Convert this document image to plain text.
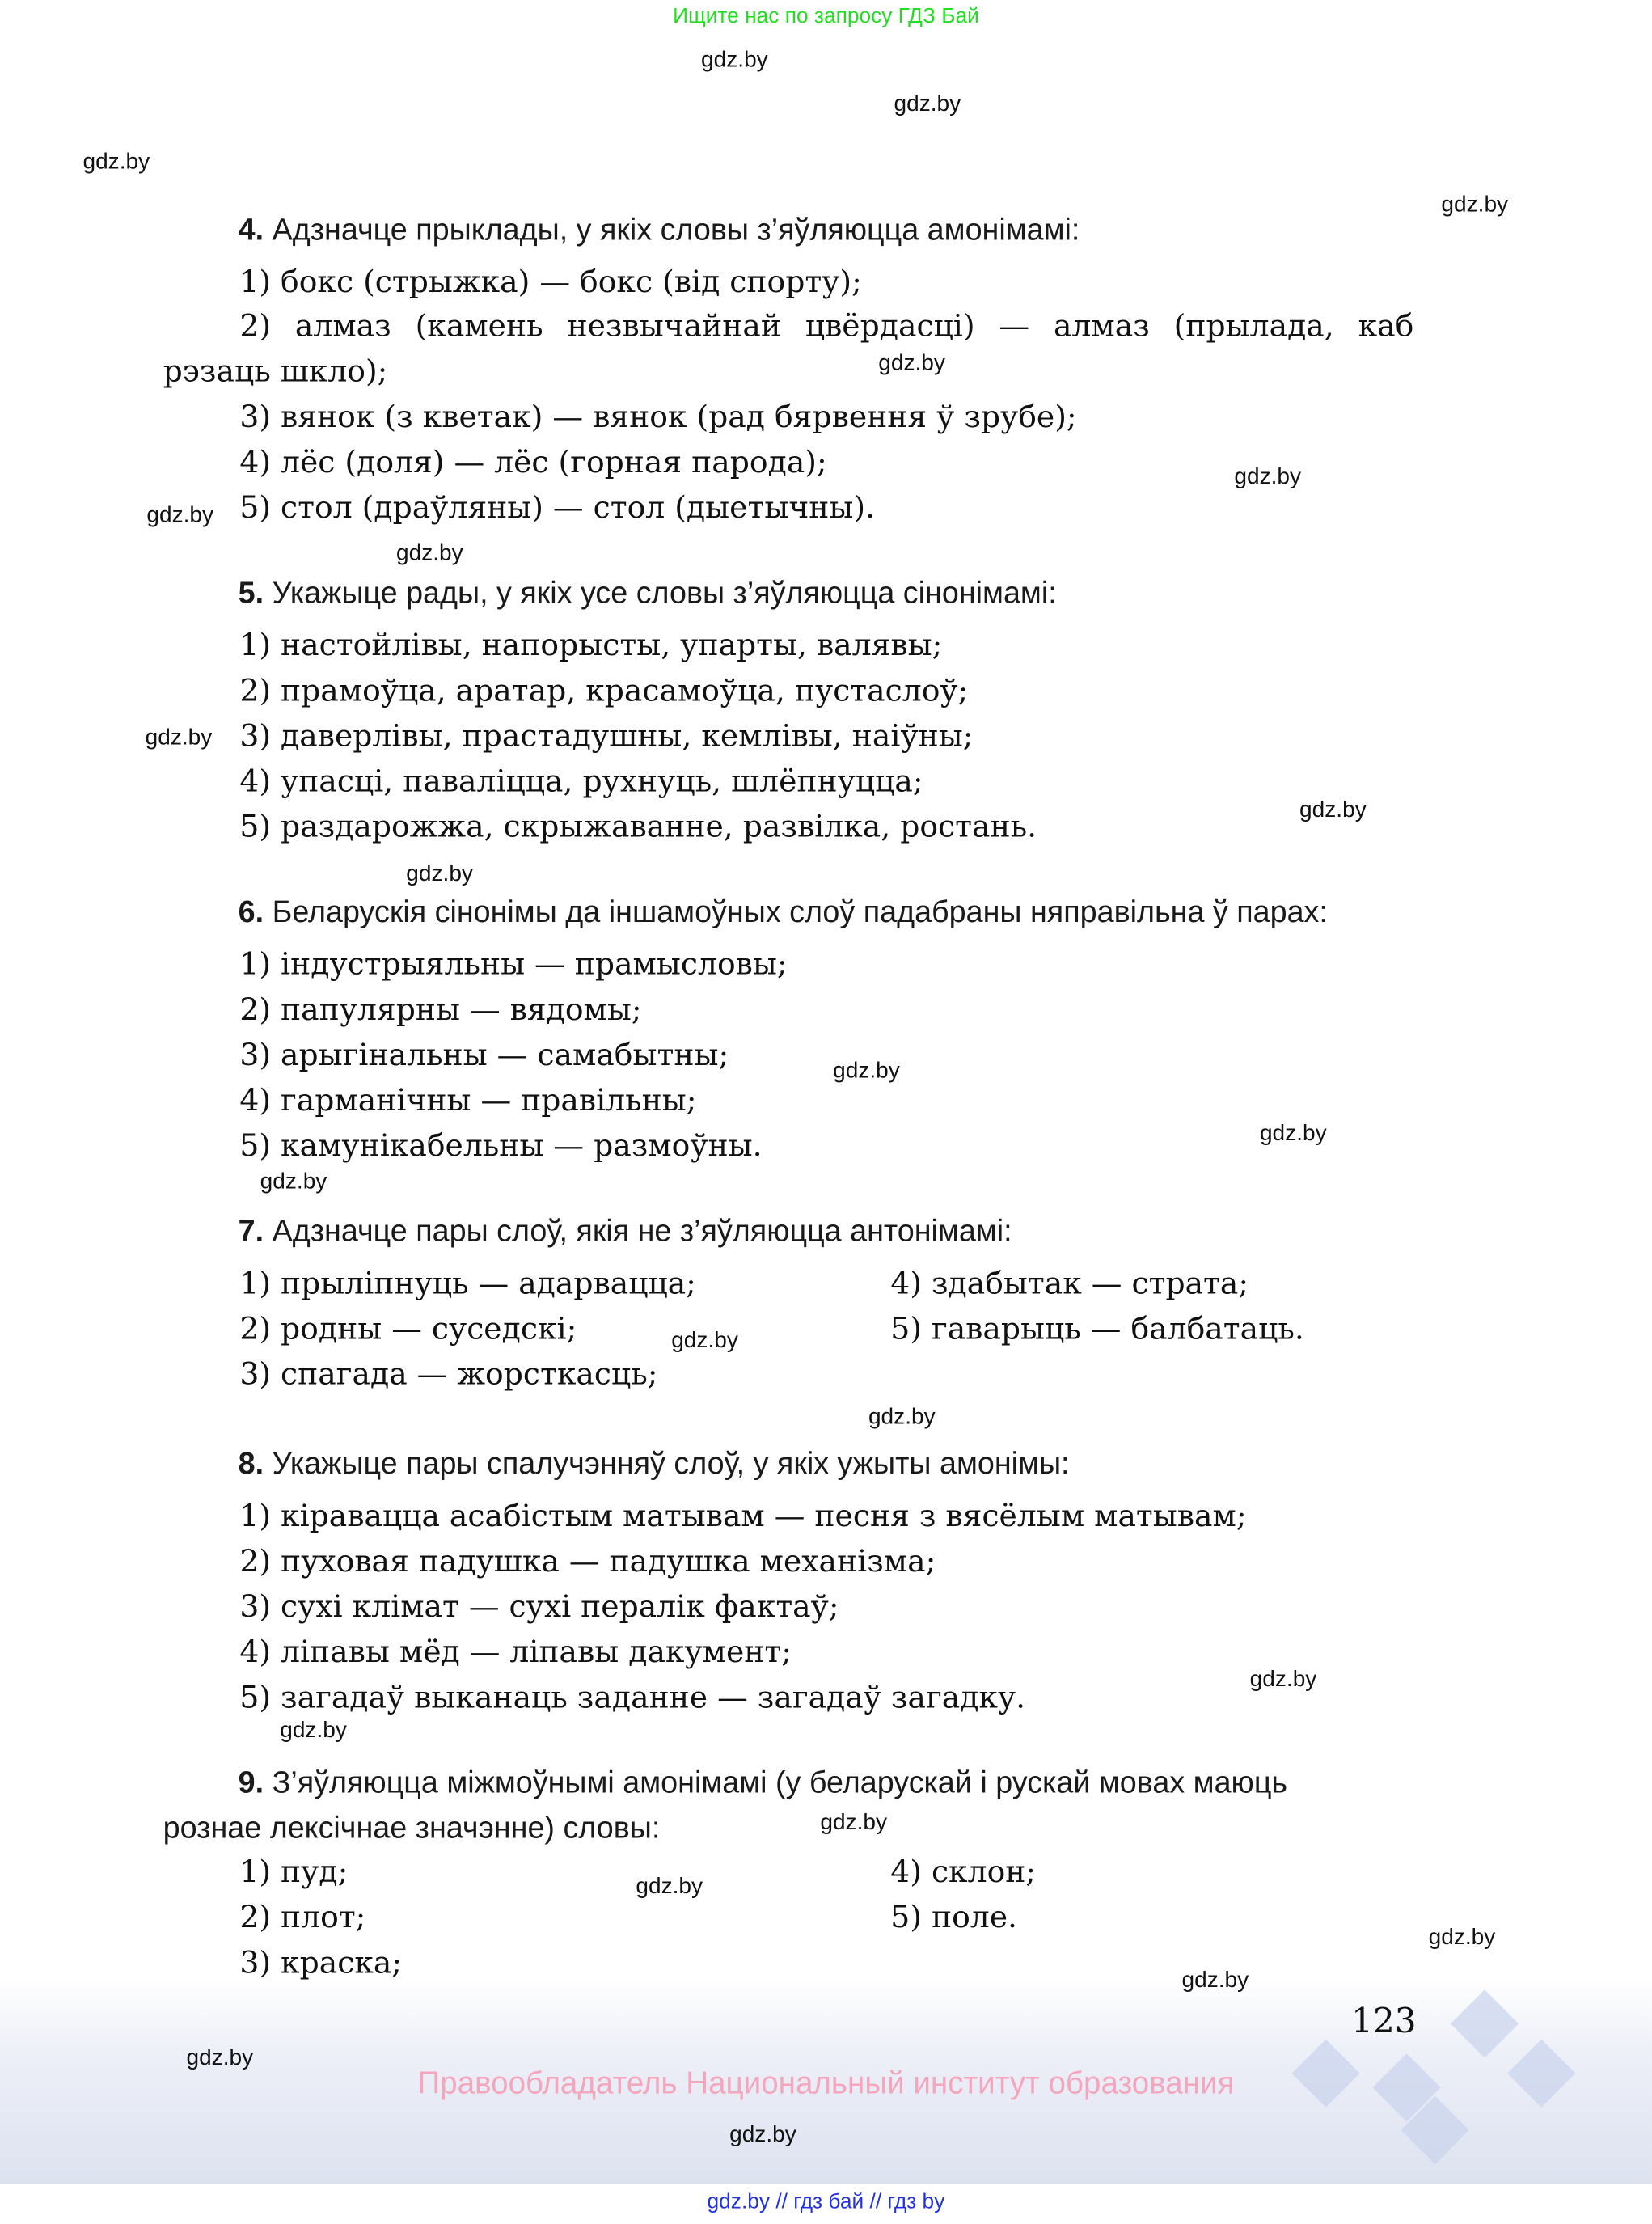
Ищите нас по запросу ГДЗ Бай
gdz.by
gdz.by
gdz.by
gdz.by
gdz.by
gdz.by
gdz.by
gdz.by
gdz.by
gdz.by
gdz.by
gdz.by
gdz.by
gdz.by
gdz.by
gdz.by
gdz.by
gdz.by
gdz.by
gdz.by
gdz.by
gdz.by
4. Адзначце прыклады, у якіх словы з’яўляюцца амонімамі:
1) бокс (стрыжка) — бокс (від спорту);
2) алмаз (камень незвычайнай цвёрдасці) — алмаз (прылада, каб
рэзаць шкло);
3) вянок (з кветак) — вянок (рад бярвення ў зрубе);
4) лёс (доля) — лёс (горная парода);
5) стол (драўляны) — стол (дыетычны).
5. Укажыце рады, у якіх усе словы з’яўляюцца сінонімамі:
1) настойлівы, напорысты, упарты, валявы;
2) прамоўца, аратар, красамоўца, пустаслоў;
3) даверлівы, прастадушны, кемлівы, наіўны;
4) упасці, паваліцца, рухнуць, шлёпнуцца;
5) раздарожжа, скрыжаванне, развілка, ростань.
6. Беларускія сінонімы да іншамоўных слоў падабраны няправільна ў парах:
1) індустрыяльны — прамысловы;
2) папулярны — вядомы;
3) арыгінальны — самабытны;
4) гарманічны — правільны;
5) камунікабельны — размоўны.
7. Адзначце пары слоў, якія не з’яўляюцца антонімамі:
1) прыліпнуць — адарвацца;
2) родны — суседскі;
3) спагада — жорсткасць;
4) здабытак — страта;
5) гаварыць — балбатаць.
8. Укажыце пары спалучэнняў слоў, у якіх ужыты амонімы:
1) кіравацца асабістым матывам — песня з вясёлым матывам;
2) пуховая падушка — падушка механізма;
3) сухі клімат — сухі пералік фактаў;
4) ліпавы мёд — ліпавы дакумент;
5) загадаў выканаць заданне — загадаў загадку.
9. З’яўляюцца міжмоўнымі амонімамі (у беларускай і рускай мовах маюць
рознае лексічнае значэнне) словы:
1) пуд;
2) плот;
3) краска;
4) склон;
5) поле.
123
Правообладатель Национальный институт образования
gdz.by
gdz.by
gdz.by // гдз бай // гдз by
